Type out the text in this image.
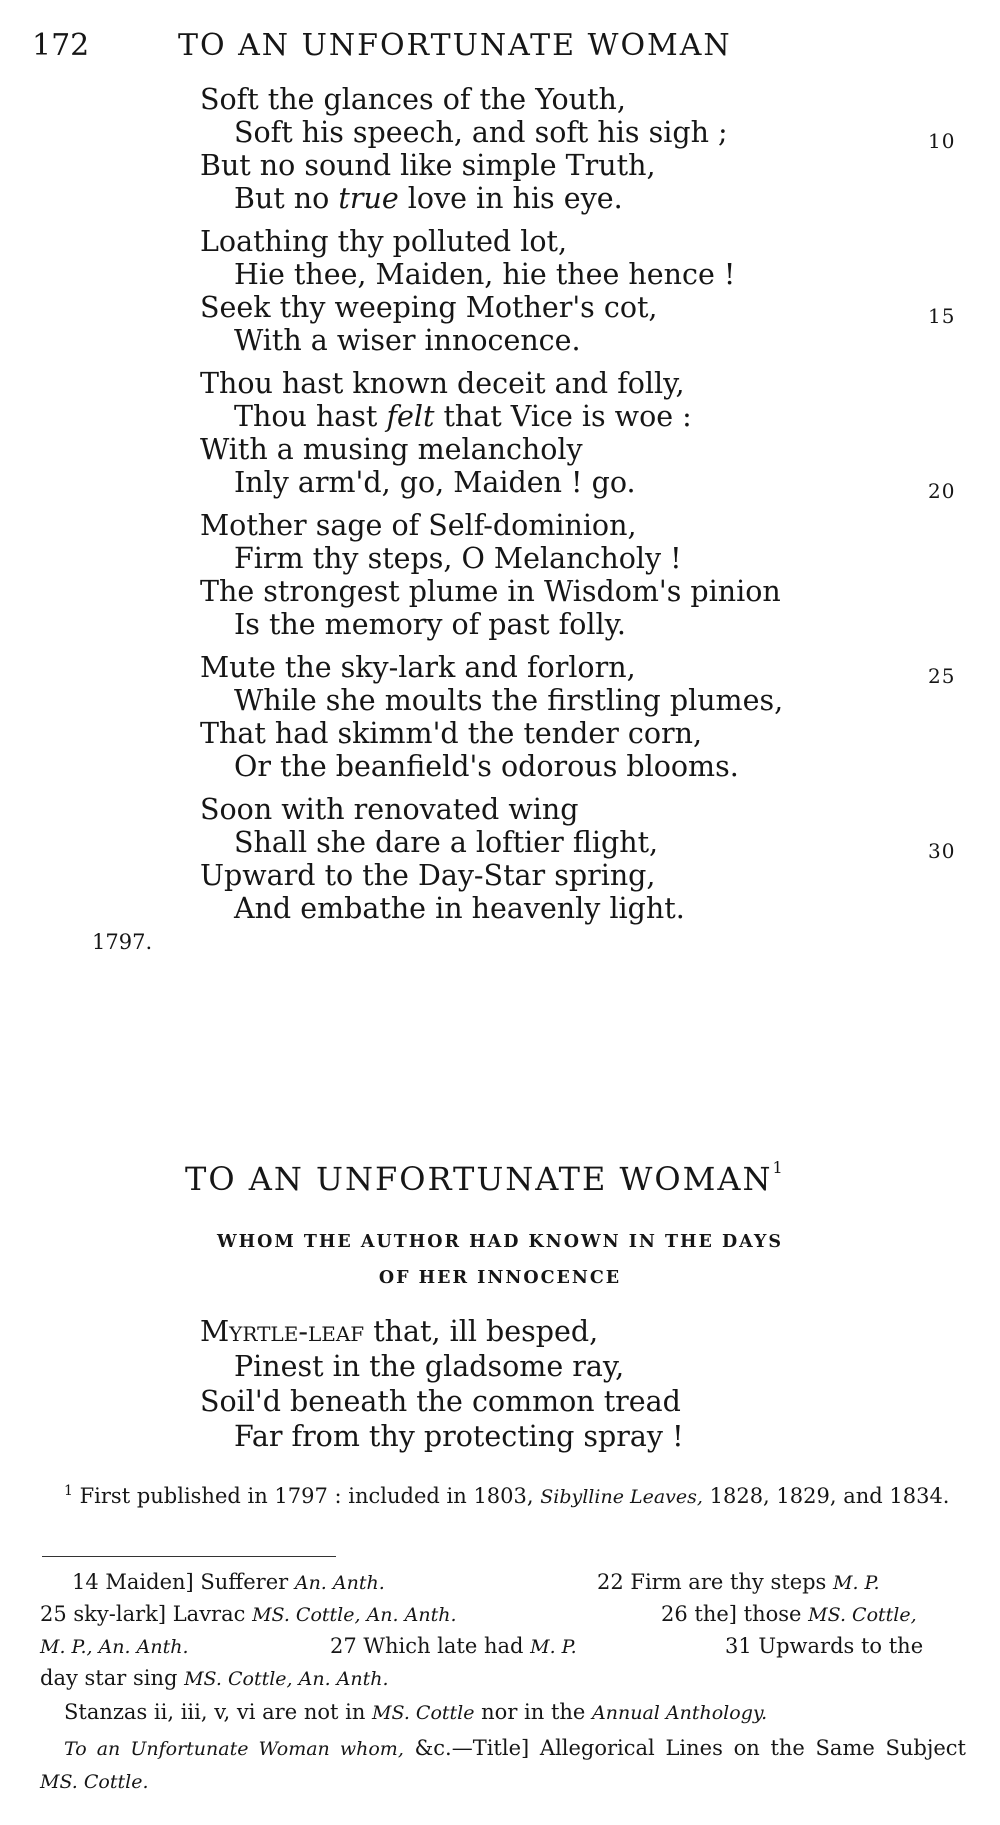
172	TO AN UNFORTUNATE WOMAN
Soft the glances of the Youth,
Soft his speech, and soft his sigh ;	10
But no sound like simple Truth,
But no true love in his eye.
Loathing thy polluted lot,
Hie thee, Maiden, hie thee hence !
Seek thy weeping Mother's cot,	15
With a wiser innocence.
Thou hast known deceit and folly,
Thou hast felt that Vice is woe :
With a musing melancholy
Inly arm'd, go, Maiden ! go.	20
Mother sage of Self-dominion,
Firm thy steps, O Melancholy !
The strongest plume in Wisdom's pinion
Is the memory of past folly.
Mute the sky-lark and forlorn,	25
While she moults the firstling plumes,
That had skimm'd the tender corn,
Or the beanfield's odorous blooms.
Soon with renovated wing
Shall she dare a loftier flight,	30
Upward to the Day-Star spring,
And embathe in heavenly light.
1797.
TO AN UNFORTUNATE WOMAN$^1$
WHOM THE AUTHOR HAD KNOWN IN THE DAYS
OF HER INNOCENCE
Myrtle-leaf that, ill besped,
Pinest in the gladsome ray,
Soil'd beneath the common tread
Far from thy protecting spray !
$^1$ First published in 1797 : included in 1803, Sibylline Leaves, 1828, 1829, and 1834.
14 Maiden] Sufferer An. Anth.	22 Firm are thy steps M. P.
25 sky-lark] Lavrac MS. Cottle, An. Anth.	26 the] those MS. Cottle,
M. P., An. Anth.	27 Which late had M. P.	31 Upwards to the
day star sing MS. Cottle, An. Anth.
Stanzas ii, iii, v, vi are not in MS. Cottle nor in the Annual Anthology.
To an Unfortunate Woman whom, &c.—Title] Allegorical Lines on the Same Subject MS. Cottle.
